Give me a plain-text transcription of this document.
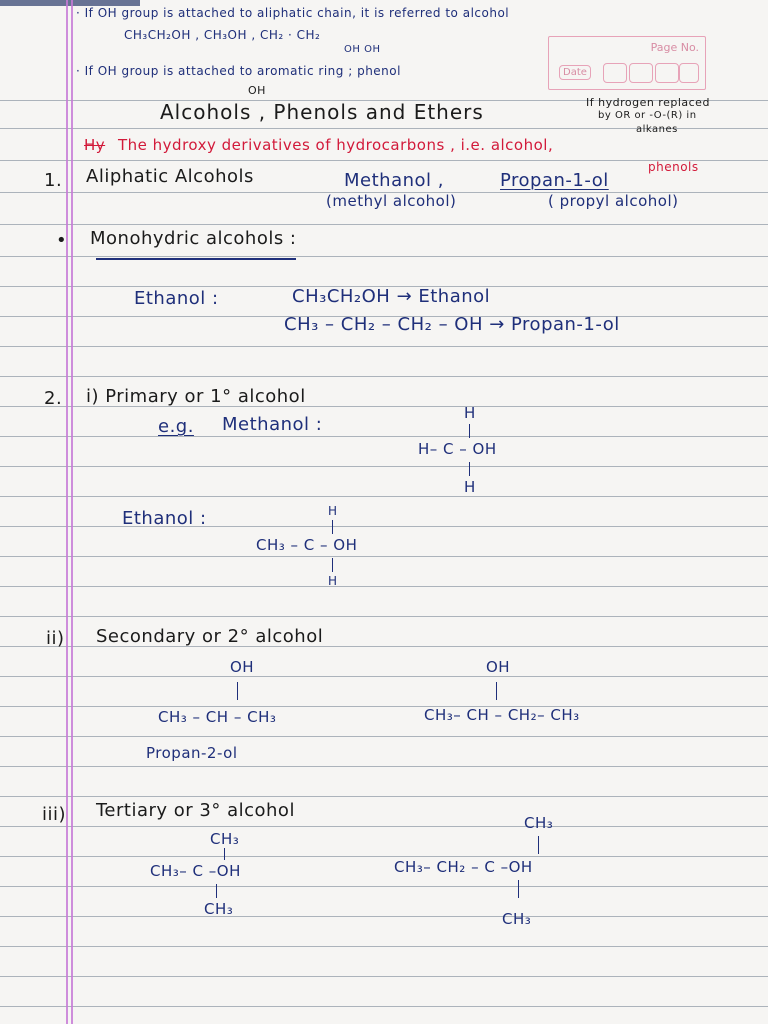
Page No.
Date
· If OH group is attached to aliphatic chain, it is referred to alcohol
CH₃CH₂OH , CH₃OH , CH₂ · CH₂
OH OH
· If OH group is attached to aromatic ring ; phenol
OH
Alcohols , Phenols and Ethers	If hydrogen replaced
by OR or -O-(R) in
alkanes
Hy The hydroxy derivatives of hydrocarbons , i.e. alcohol,
phenols
1. Aliphatic Alcohols	Methanol ,
(methyl alcohol)
Propan-1-ol
( propyl alcohol)
• Monohydric alcohols :
Ethanol :	CH₃CH₂OH → Ethanol
CH₃ – CH₂ – CH₂ – OH → Propan-1-ol
2. i) Primary or 1° alcohol
e.g. Methanol :
H
H– C – OH
H
Ethanol :	H
CH₃ – C – OH
H
ii) Secondary or 2° alcohol
OH
CH₃ – CH – CH₃
Propan-2-ol
OH
CH₃– CH – CH₂– CH₃
iii) Tertiary or 3° alcohol
CH₃
CH₃– C –OH
CH₃
CH₃
CH₃– CH₂ – C –OH
CH₃
